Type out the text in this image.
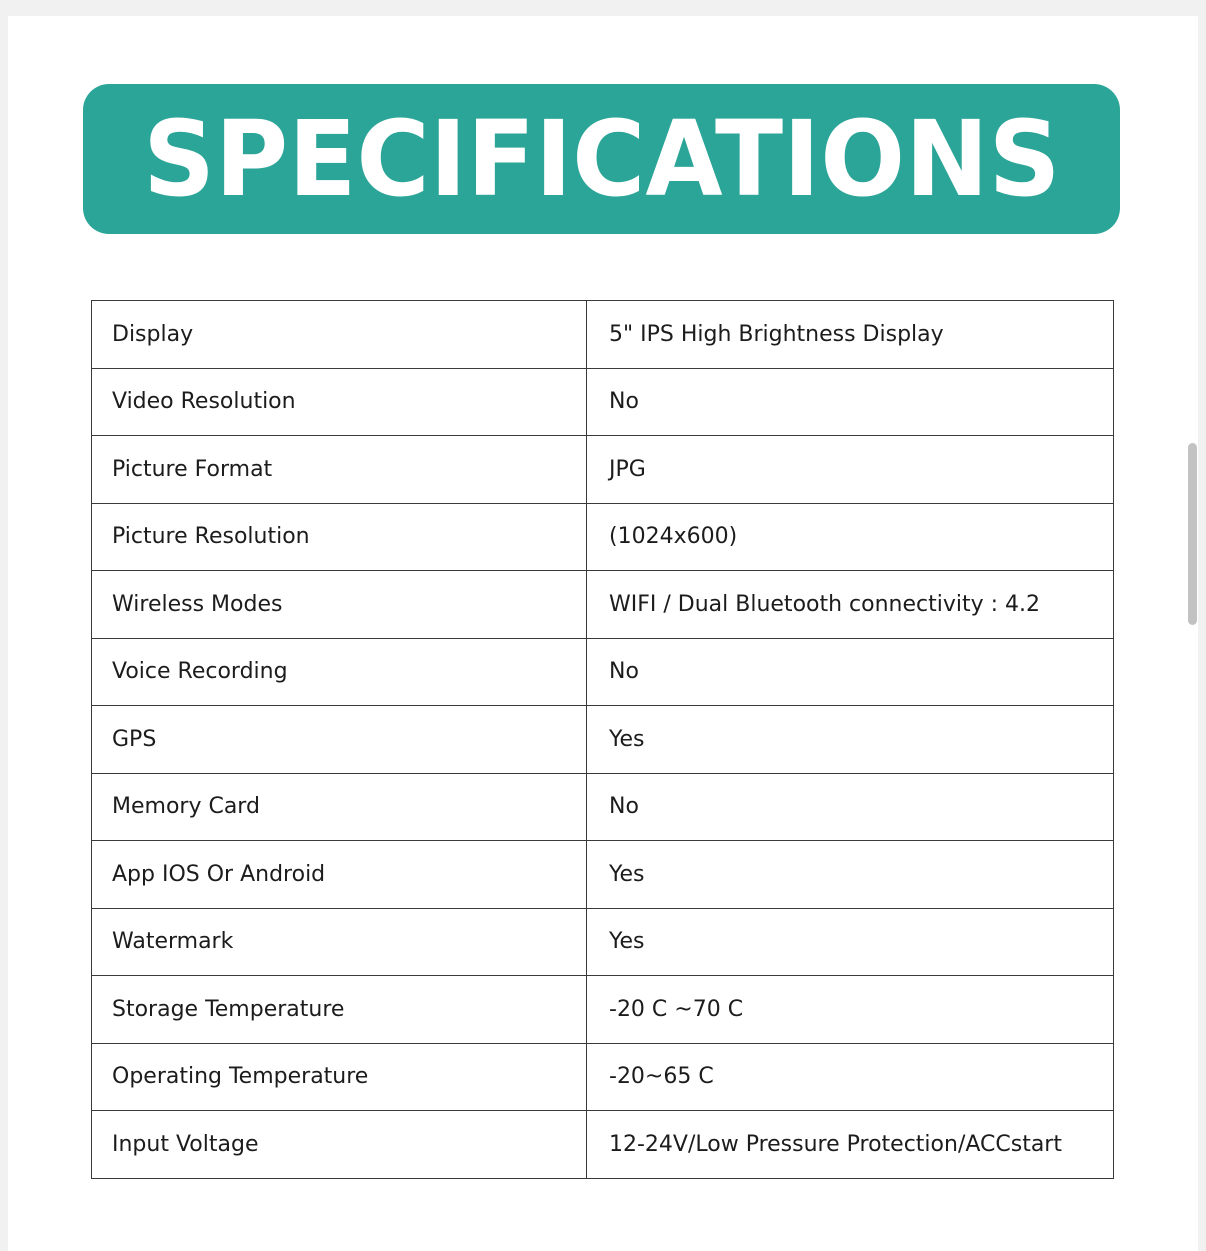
SPECIFICATIONS
Display	5" IPS High Brightness Display
Video Resolution	No
Picture Format	JPG
Picture Resolution	(1024x600)
Wireless Modes	WIFI / Dual Bluetooth connectivity : 4.2
Voice Recording	No
GPS	Yes
Memory Card	No
App IOS Or Android	Yes
Watermark	Yes
Storage Temperature	-20 C ~70 C
Operating Temperature	-20~65 C
Input Voltage	12-24V/Low Pressure Protection/ACCstart
